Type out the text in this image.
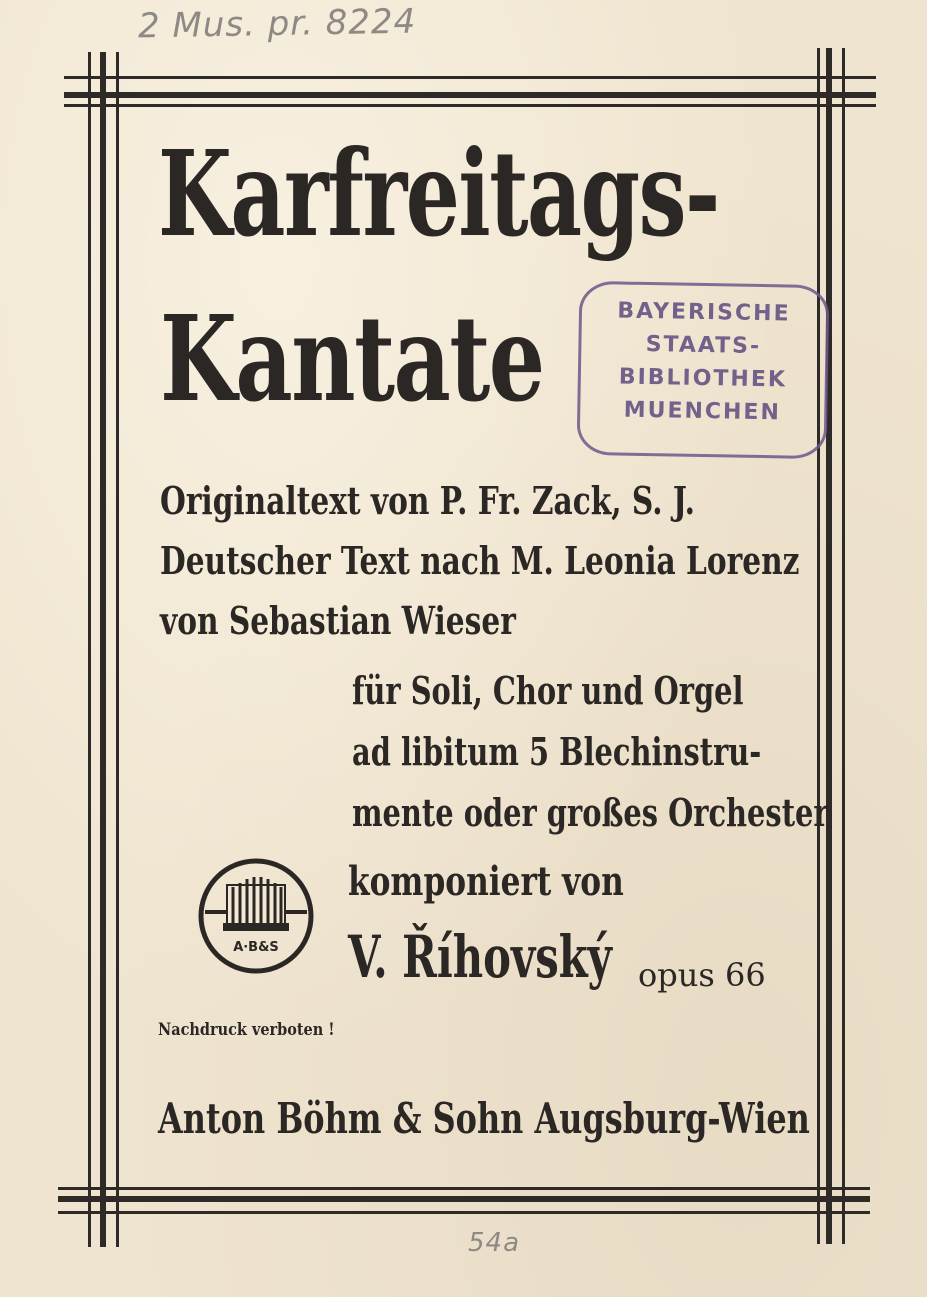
2 Mus. pr. 8224
Karfreitags-
Kantate	BAYERISCHE
STAATS-
BIBLIOTHEK
MUENCHEN
Originaltext von P. Fr. Zack, S. J.
Deutscher Text nach M. Leonia Lorenz
von Sebastian Wieser
für Soli, Chor und Orgel
ad libitum 5 Blechinstru-
mente oder großes Orchester
A·B&S
komponiert von
V. Říhovský opus 66
Nachdruck verboten !
Anton Böhm & Sohn Augsburg-Wien
54a
